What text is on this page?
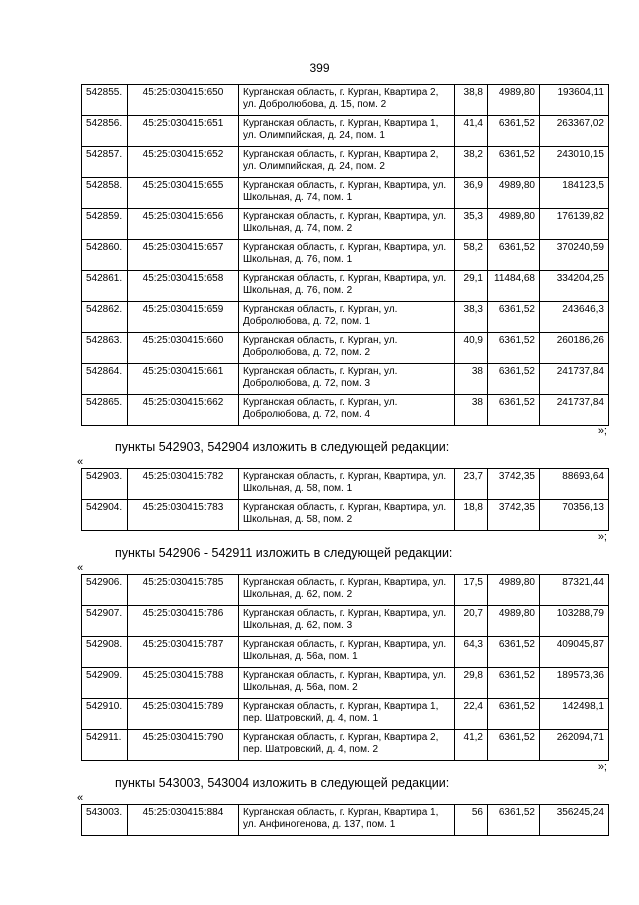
399
542855.	45:25:030415:650	Курганская область, г. Курган, Квартира 2, ул. Добролюбова, д. 15, пом. 2	38,8	4989,80	193604,11
542856.	45:25:030415:651	Курганская область, г. Курган, Квартира 1, ул. Олимпийская, д. 24, пом. 1	41,4	6361,52	263367,02
542857.	45:25:030415:652	Курганская область, г. Курган, Квартира 2, ул. Олимпийская, д. 24, пом. 2	38,2	6361,52	243010,15
542858.	45:25:030415:655	Курганская область, г. Курган, Квартира, ул. Школьная, д. 74, пом. 1	36,9	4989,80	184123,5
542859.	45:25:030415:656	Курганская область, г. Курган, Квартира, ул. Школьная, д. 74, пом. 2	35,3	4989,80	176139,82
542860.	45:25:030415:657	Курганская область, г. Курган, Квартира, ул. Школьная, д. 76, пом. 1	58,2	6361,52	370240,59
542861.	45:25:030415:658	Курганская область, г. Курган, Квартира, ул. Школьная, д. 76, пом. 2	29,1	11484,68	334204,25
542862.	45:25:030415:659	Курганская область, г. Курган, ул. Добролюбова, д. 72, пом. 1	38,3	6361,52	243646,3
542863.	45:25:030415:660	Курганская область, г. Курган, ул. Добролюбова, д. 72, пом. 2	40,9	6361,52	260186,26
542864.	45:25:030415:661	Курганская область, г. Курган, ул. Добролюбова, д. 72, пом. 3	38	6361,52	241737,84
542865.	45:25:030415:662	Курганская область, г. Курган, ул. Добролюбова, д. 72, пом. 4	38	6361,52	241737,84
»;
пункты 542903, 542904 изложить в следующей редакции:
«
542903.	45:25:030415:782	Курганская область, г. Курган, Квартира, ул. Школьная, д. 58, пом. 1	23,7	3742,35	88693,64
542904.	45:25:030415:783	Курганская область, г. Курган, Квартира, ул. Школьная, д. 58, пом. 2	18,8	3742,35	70356,13
»;
пункты 542906 - 542911 изложить в следующей редакции:
«
542906.	45:25:030415:785	Курганская область, г. Курган, Квартира, ул. Школьная, д. 62, пом. 2	17,5	4989,80	87321,44
542907.	45:25:030415:786	Курганская область, г. Курган, Квартира, ул. Школьная, д. 62, пом. 3	20,7	4989,80	103288,79
542908.	45:25:030415:787	Курганская область, г. Курган, Квартира, ул. Школьная, д. 56а, пом. 1	64,3	6361,52	409045,87
542909.	45:25:030415:788	Курганская область, г. Курган, Квартира, ул. Школьная, д. 56а, пом. 2	29,8	6361,52	189573,36
542910.	45:25:030415:789	Курганская область, г. Курган, Квартира 1, пер. Шатровский, д. 4, пом. 1	22,4	6361,52	142498,1
542911.	45:25:030415:790	Курганская область, г. Курган, Квартира 2, пер. Шатровский, д. 4, пом. 2	41,2	6361,52	262094,71
»;
пункты 543003, 543004 изложить в следующей редакции:
«
543003.	45:25:030415:884	Курганская область, г. Курган, Квартира 1, ул. Анфиногенова, д. 137, пом. 1	56	6361,52	356245,24
